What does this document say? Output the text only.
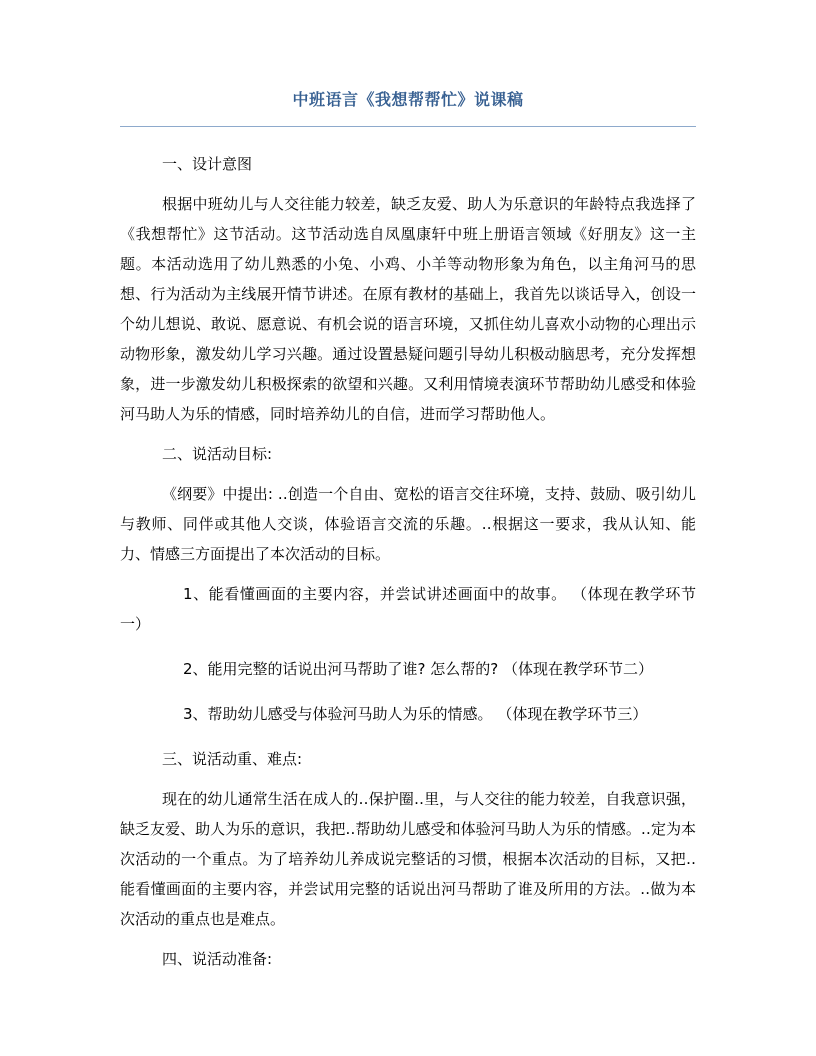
中班语言《我想帮帮忙》说课稿

一、设计意图

根据中班幼儿与人交往能力较差，缺乏友爱、助人为乐意识的年龄特点我选择了《我想帮忙》这节活动。这节活动选自凤凰康轩中班上册语言领域《好朋友》这一主题。本活动选用了幼儿熟悉的小兔、小鸡、小羊等动物形象为角色，以主角河马的思想、行为活动为主线展开情节讲述。在原有教材的基础上，我首先以谈话导入，创设一个幼儿想说、敢说、愿意说、有机会说的语言环境，又抓住幼儿喜欢小动物的心理出示动物形象，激发幼儿学习兴趣。通过设置悬疑问题引导幼儿积极动脑思考，充分发挥想象，进一步激发幼儿积极探索的欲望和兴趣。又利用情境表演环节帮助幼儿感受和体验河马助人为乐的情感，同时培养幼儿的自信，进而学习帮助他人。

二、说活动目标:

《纲要》中提出: ‥创造一个自由、宽松的语言交往环境，支持、鼓励、吸引幼儿与教师、同伴或其他人交谈，体验语言交流的乐趣。‥根据这一要求，我从认知、能力、情感三方面提出了本次活动的目标。

1、能看懂画面的主要内容，并尝试讲述画面中的故事。 （体现在教学环节一）

2、能用完整的话说出河马帮助了谁? 怎么帮的? （体现在教学环节二）

3、帮助幼儿感受与体验河马助人为乐的情感。 （体现在教学环节三）

三、说活动重、难点:

现在的幼儿通常生活在成人的‥保护圈‥里，与人交往的能力较差，自我意识强，缺乏友爱、助人为乐的意识，我把‥帮助幼儿感受和体验河马助人为乐的情感。‥定为本次活动的一个重点。为了培养幼儿养成说完整话的习惯，根据本次活动的目标，又把‥能看懂画面的主要内容，并尝试用完整的话说出河马帮助了谁及所用的方法。‥做为本次活动的重点也是难点。

四、说活动准备:
